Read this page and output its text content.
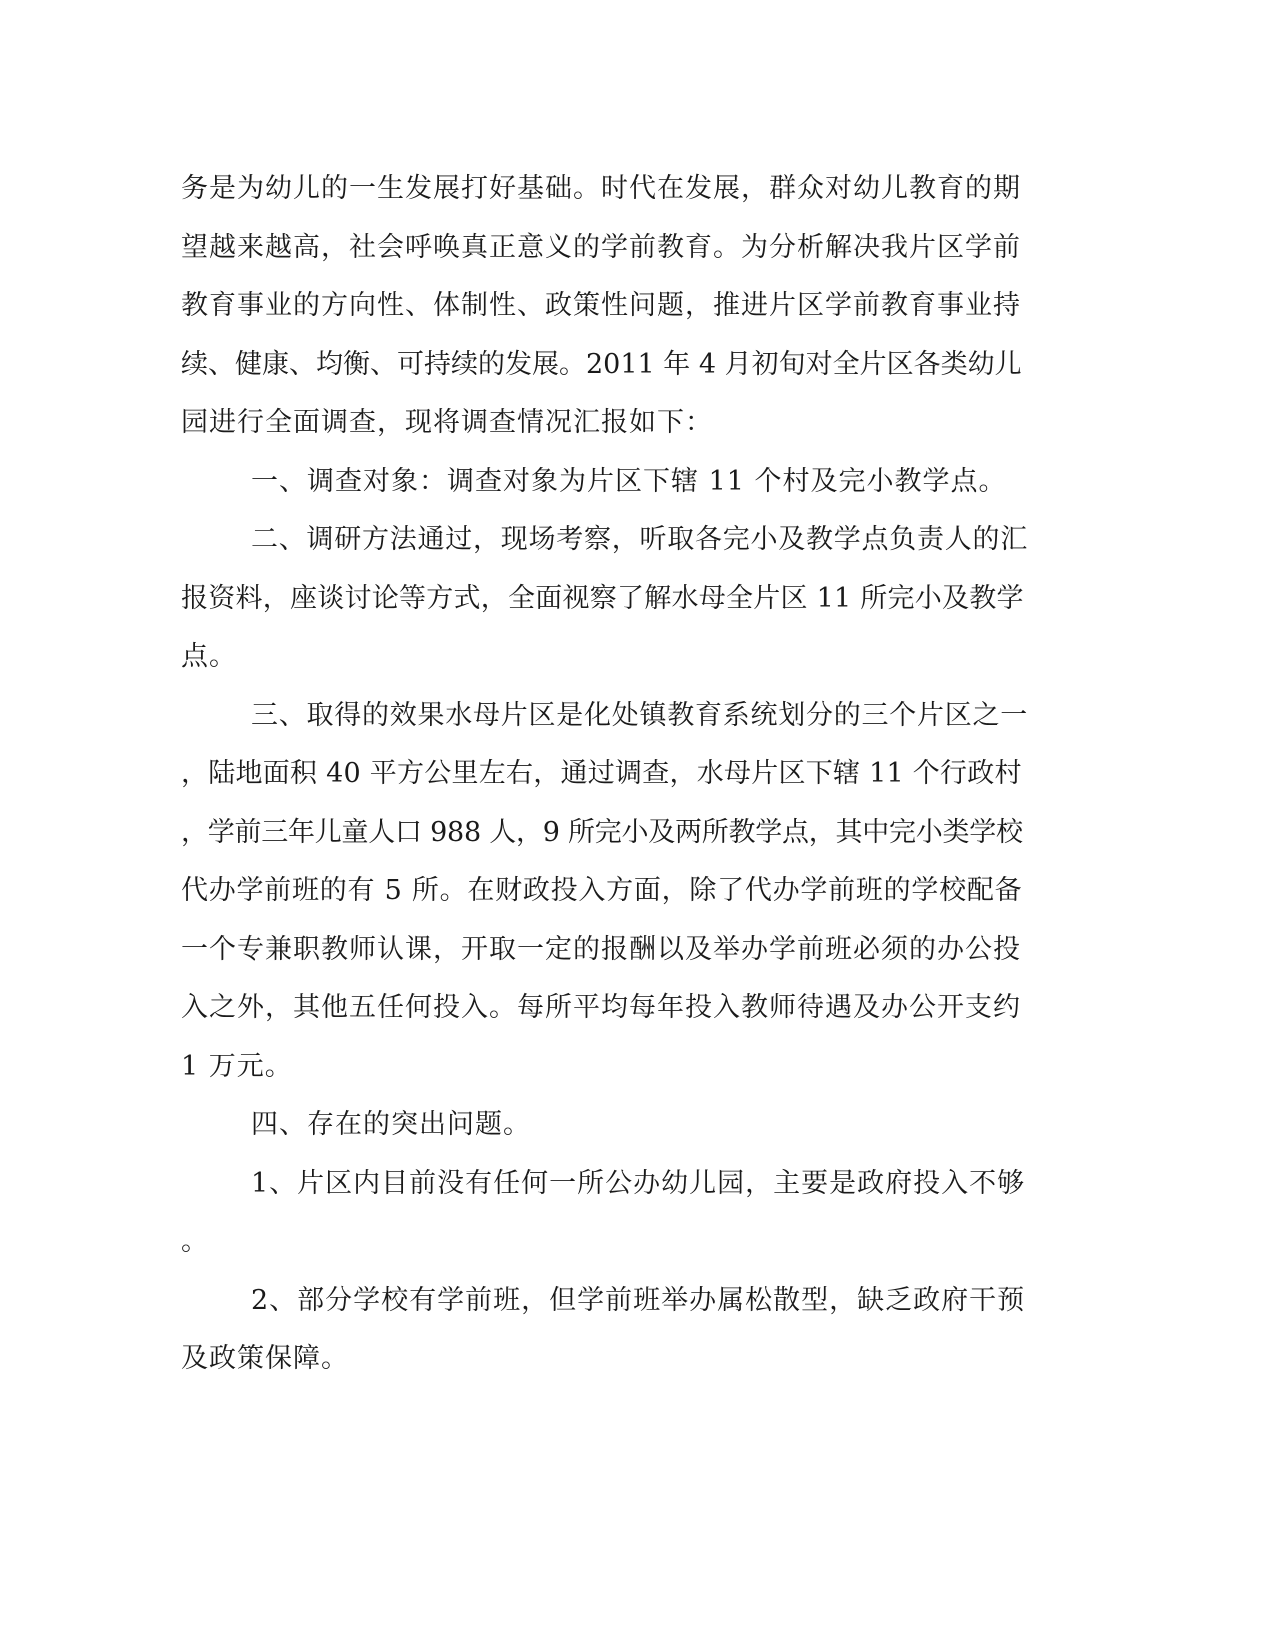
务是为幼儿的一生发展打好基础。时代在发展，群众对幼儿教育的期
望越来越高，社会呼唤真正意义的学前教育。为分析解决我片区学前
教育事业的方向性、体制性、政策性问题，推进片区学前教育事业持
续、健康、均衡、可持续的发展。2011 年 4 月初旬对全片区各类幼儿
园进行全面调查，现将调查情况汇报如下：
一、调查对象：调查对象为片区下辖 11 个村及完小教学点。
二、调研方法通过，现场考察，听取各完小及教学点负责人的汇
报资料，座谈讨论等方式，全面视察了解水母全片区 11 所完小及教学
点。
三、取得的效果水母片区是化处镇教育系统划分的三个片区之一
，陆地面积 40 平方公里左右，通过调查，水母片区下辖 11 个行政村
，学前三年儿童人口 988 人，9 所完小及两所教学点，其中完小类学校
代办学前班的有 5 所。在财政投入方面，除了代办学前班的学校配备
一个专兼职教师认课，开取一定的报酬以及举办学前班必须的办公投
入之外，其他五任何投入。每所平均每年投入教师待遇及办公开支约
1 万元。
四、存在的突出问题。
1、片区内目前没有任何一所公办幼儿园，主要是政府投入不够
。
2、部分学校有学前班，但学前班举办属松散型，缺乏政府干预
及政策保障。
